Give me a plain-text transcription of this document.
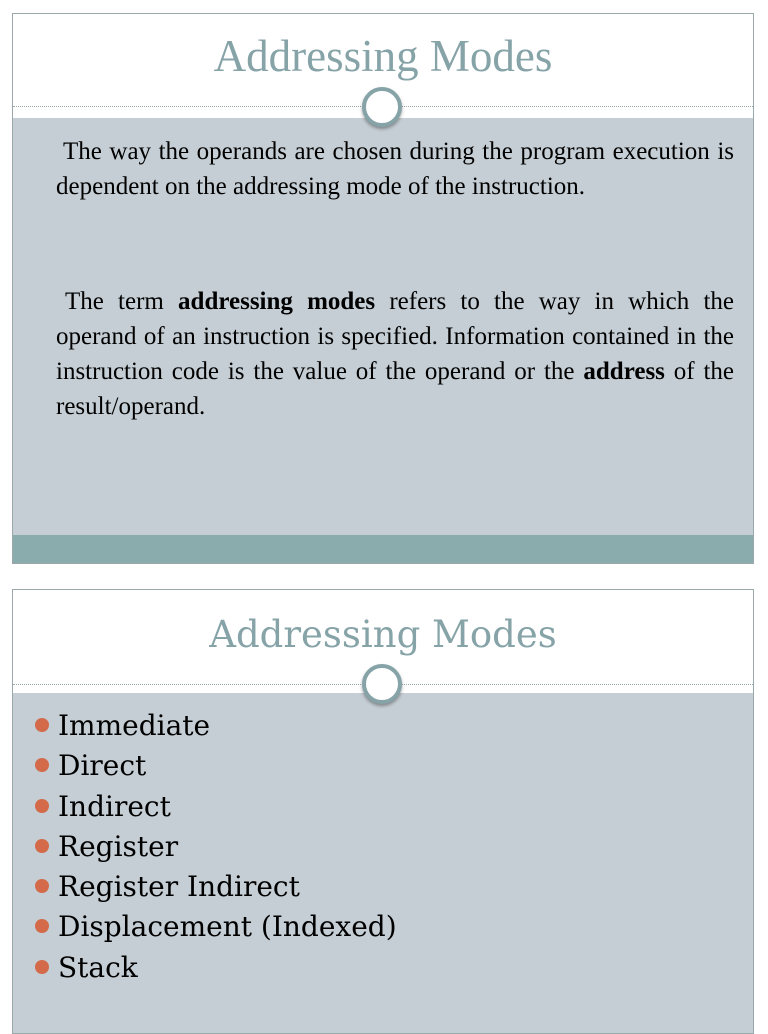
Addressing Modes

The way the operands are chosen during the program execution is dependent on the addressing mode of the instruction.

The term addressing modes refers to the way in which the operand of an instruction is specified. Information contained in the instruction code is the value of the operand or the address of the result/operand.

Addressing Modes
Immediate
Direct
Indirect
Register
Register Indirect
Displacement (Indexed)
Stack
